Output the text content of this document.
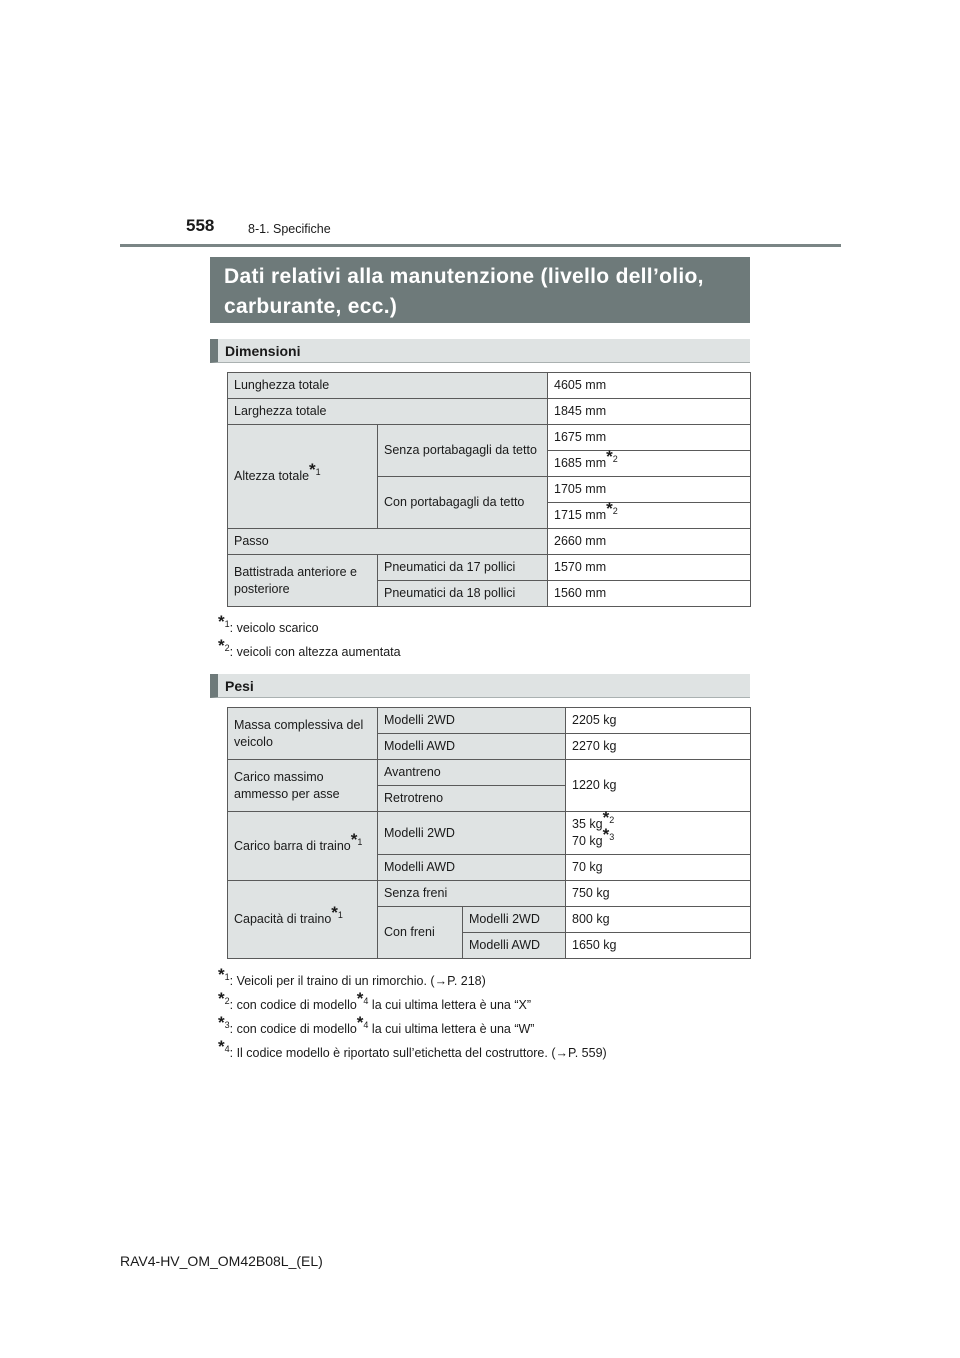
558	8-1. Specifiche
Dati relativi alla manutenzione (livello dell’olio,
carburante, ecc.)
Dimensioni
Lunghezza totale		4605 mm
Larghezza totale		1845 mm
Altezza totale*$^1$	Senza portabagagli da tetto	1675 mm
		1685 mm*$^2$
	Con portabagagli da tetto	1705 mm
		1715 mm*$^2$
Passo		2660 mm
Battistrada anteriore e posteriore	Pneumatici da 17 pollici	1570 mm
	Pneumatici da 18 pollici	1560 mm
*$^1$: veicolo scarico
*$^2$: veicoli con altezza aumentata
Pesi
Massa complessiva del veicolo	Modelli 2WD		2205 kg
	Modelli AWD		2270 kg
Carico massimo ammesso per asse	Avantreno		1220 kg
	Retrotreno		
Carico barra di traino*$^1$	Modelli 2WD		35 kg*$^2$
70 kg*$^3$

	Modelli AWD		70 kg
Capacità di traino*$^1$	Senza freni		750 kg
	Con freni	Modelli 2WD	800 kg
		Modelli AWD	1650 kg
*$^1$: Veicoli per il traino di un rimorchio. (→P. 218)
*$^2$: con codice di modello*$^4$ la cui ultima lettera è una “X”
*$^3$: con codice di modello*$^4$ la cui ultima lettera è una “W”
*$^4$: Il codice modello è riportato sull’etichetta del costruttore. (→P. 559)
RAV4-HV_OM_OM42B08L_(EL)
